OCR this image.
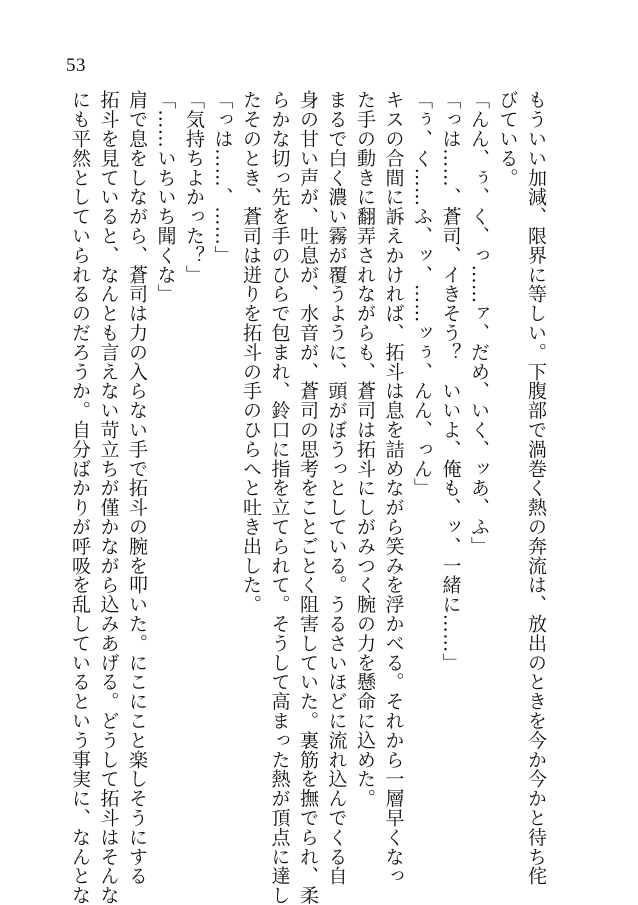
53
もういい加減、限界に等しい。下腹部で渦巻く熱の奔流は、放出のときを今か今かと待ち侘
びている。
「んん、ぅ、く、っ……ァ、だめ、いく、ッあ、ふ」
「っは……、蒼司、イきそう？　いいよ、俺も、ッ、一緒に……」
「ぅ、く……ふ、ッ、……ッぅ、んん、っん」
キスの合間に訴えかければ、拓斗は息を詰めながら笑みを浮かべる。それから一層早くなっ
た手の動きに翻弄されながらも、蒼司は拓斗にしがみつく腕の力を懸命に込めた。
まるで白く濃い霧が覆うように、頭がぼうっとしている。うるさいほどに流れ込んでくる自
身の甘い声が、吐息が、水音が、蒼司の思考をことごとく阻害していた。裏筋を撫でられ、柔
らかな切っ先を手のひらで包まれ、鈴口に指を立てられて。そうして高まった熱が頂点に達し
たそのとき、蒼司は迸りを拓斗の手のひらへと吐き出した。
「っは……、……」
「気持ちよかった？」
「……いちいち聞くな」
肩で息をしながら、蒼司は力の入らない手で拓斗の腕を叩いた。にこにこと楽しそうにする
拓斗を見ていると、なんとも言えない苛立ちが僅かながら込みあげる。どうして拓斗はそんな
にも平然としていられるのだろうか。自分ばかりが呼吸を乱しているという事実に、なんとな
